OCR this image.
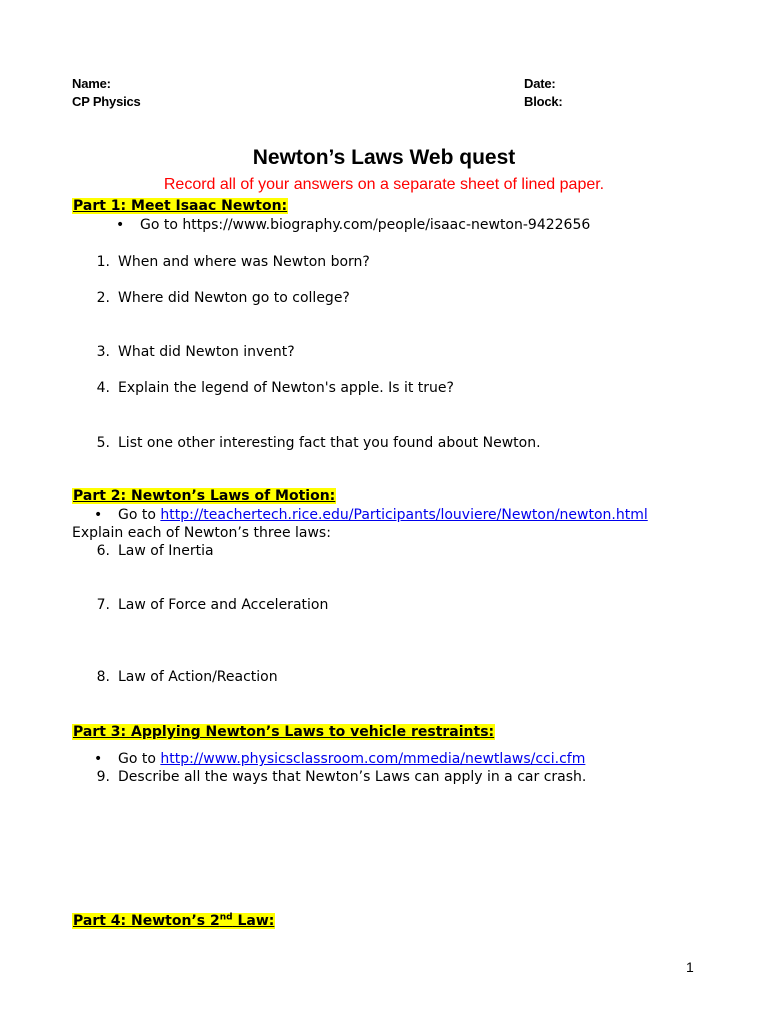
Name:
CP Physics
Date:
Block:
Newton’s Laws Web quest
Record all of your answers on a separate sheet of lined paper.
Part 1: Meet Isaac Newton:
• Go to https://www.biography.com/people/isaac-newton-9422656
1. When and where was Newton born?
2. Where did Newton go to college?
3. What did Newton invent?
4. Explain the legend of Newton's apple. Is it true?
5. List one other interesting fact that you found about Newton.
Part 2: Newton’s Laws of Motion:
• Go to http://teachertech.rice.edu/Participants/louviere/Newton/newton.html
Explain each of Newton’s three laws:
6. Law of Inertia
7. Law of Force and Acceleration
8. Law of Action/Reaction
Part 3: Applying Newton’s Laws to vehicle restraints:
• Go to http://www.physicsclassroom.com/mmedia/newtlaws/cci.cfm
9. Describe all the ways that Newton’s Laws can apply in a car crash.
Part 4: Newton’s 2nd Law:
1
